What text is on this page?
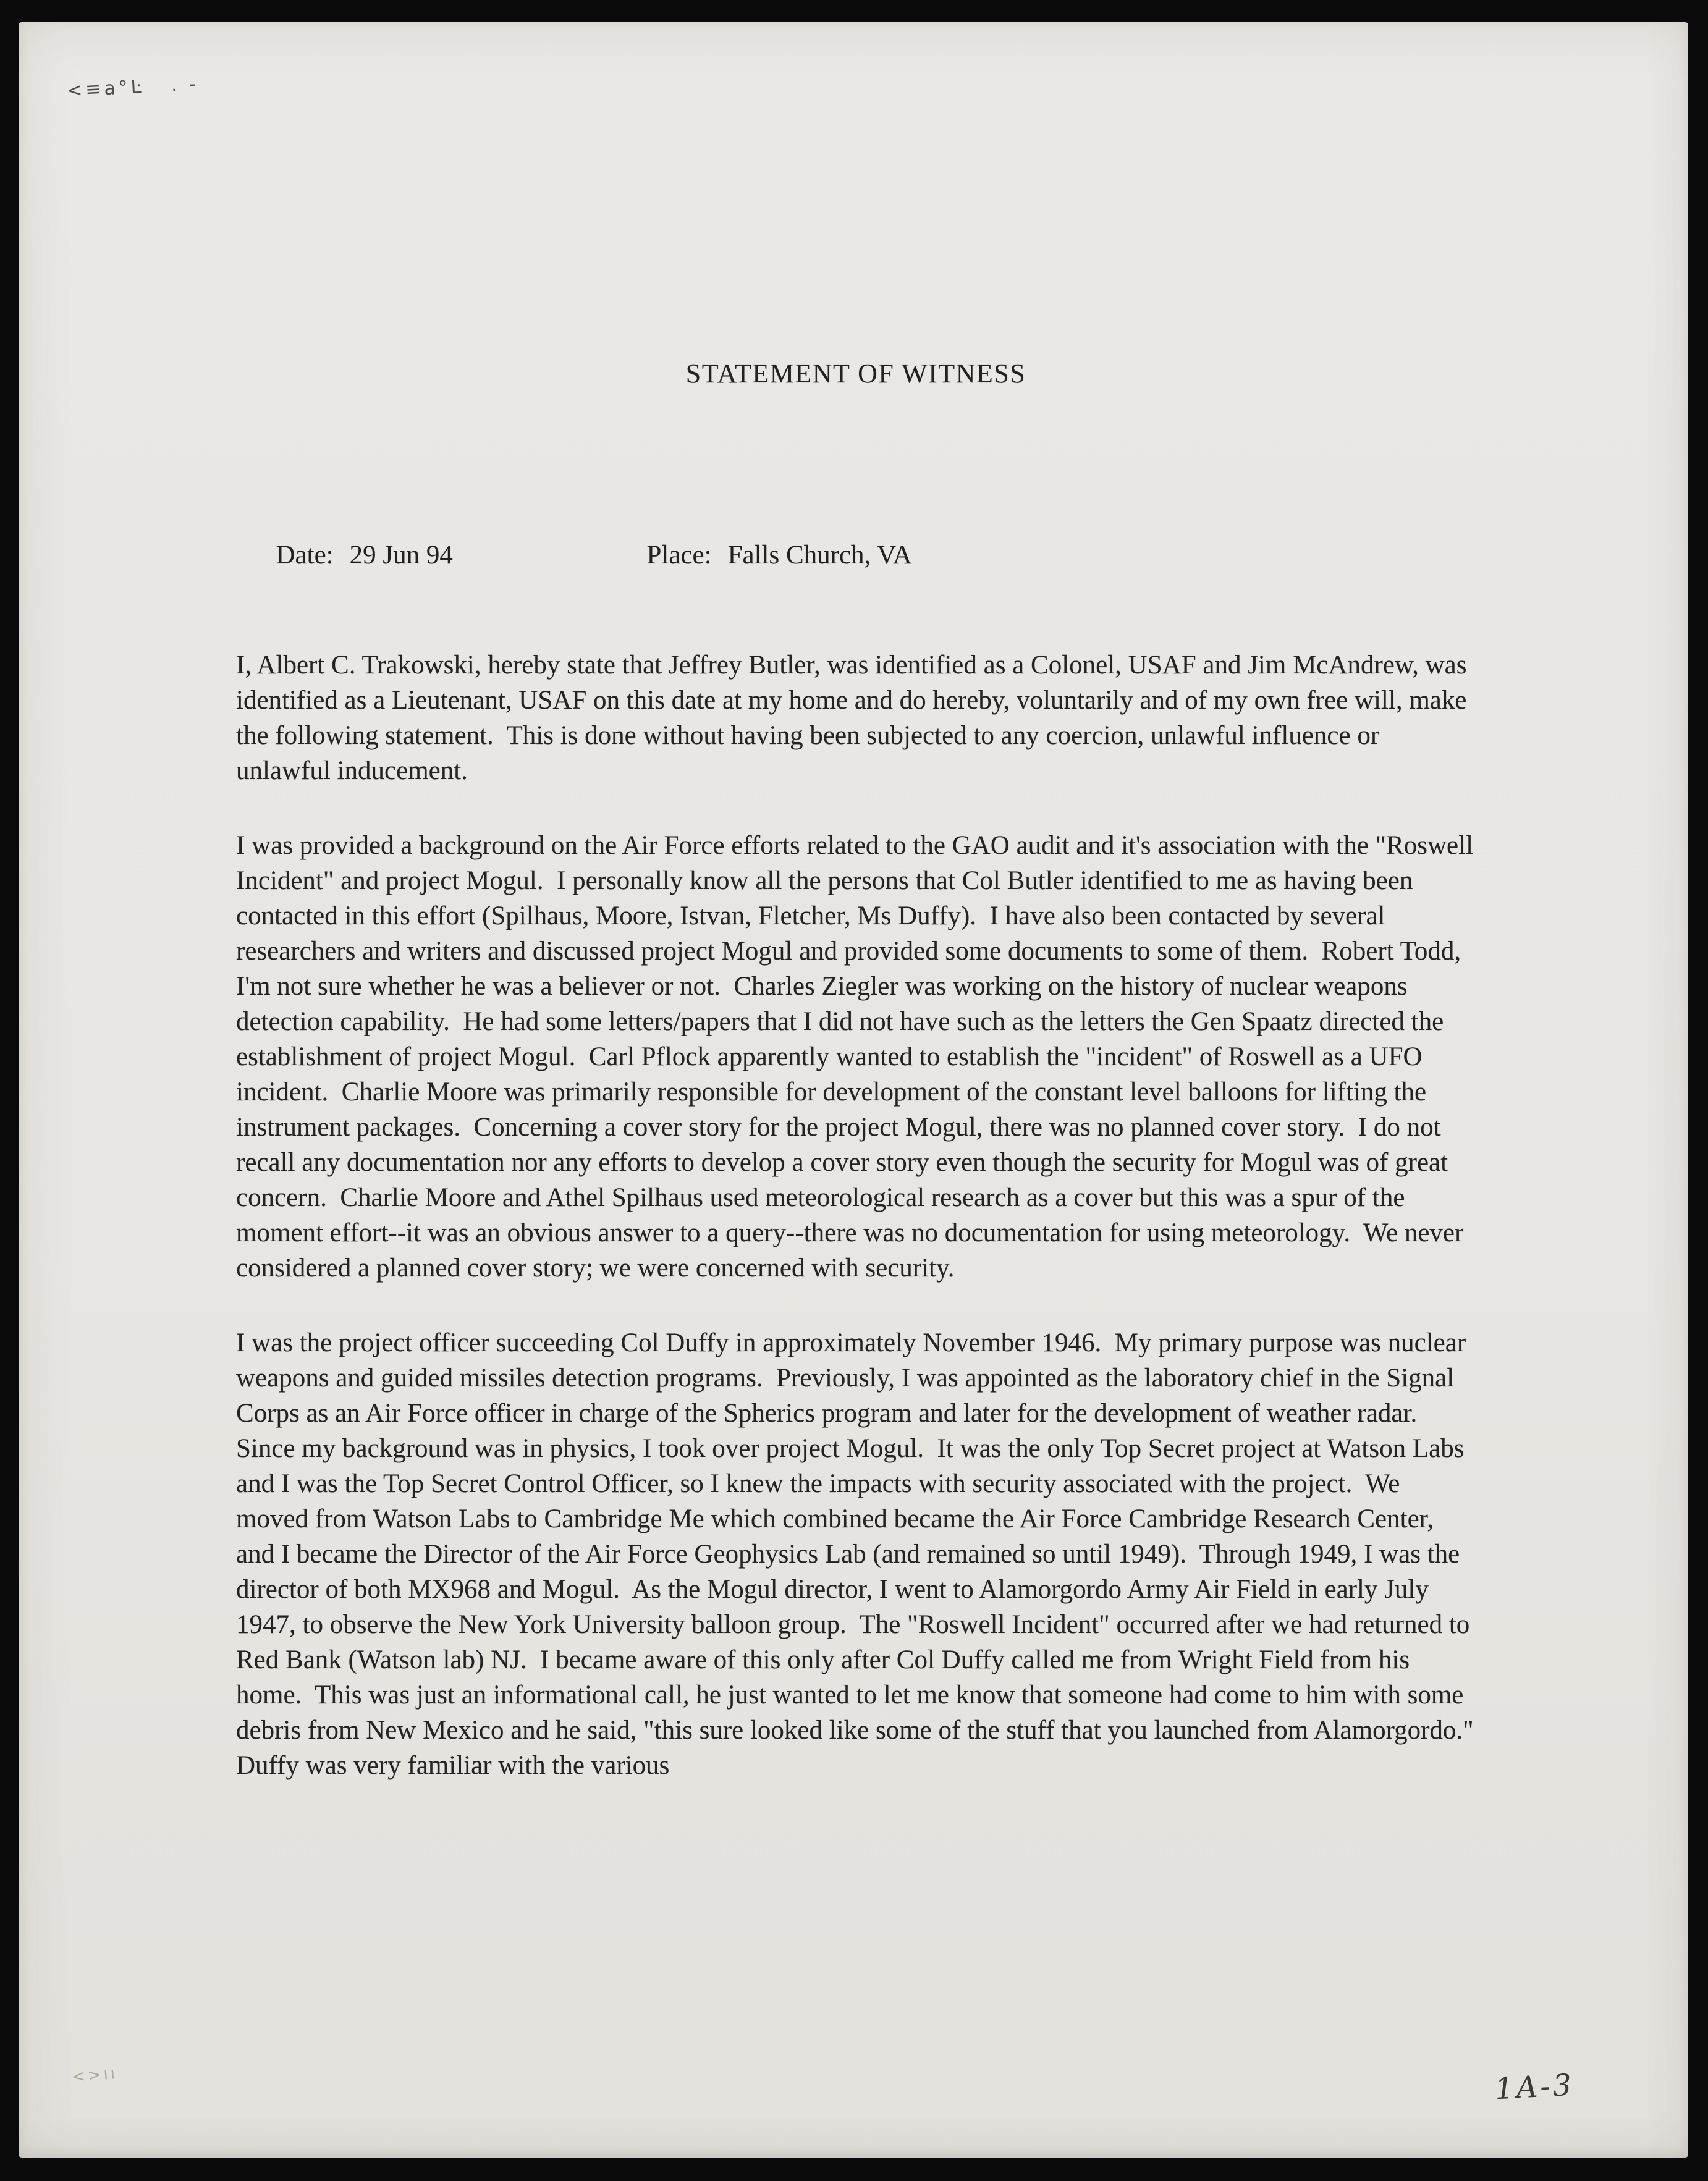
<≡a°Ŀ   . ‐
STATEMENT OF WITNESS

Date: 29 Jun 94	Place: Falls Church, VA

I, Albert C. Trakowski, hereby state that Jeffrey Butler, was identified as a Colonel, USAF and Jim McAndrew, was identified as a Lieutenant, USAF on this date at my home and do hereby, voluntarily and of my own free will, make the following statement.  This is done without having been subjected to any coercion, unlawful influence or unlawful inducement.

I was provided a background on the Air Force efforts related to the GAO audit and it's association with the "Roswell Incident" and project Mogul.  I personally know all the persons that Col Butler identified to me as having been contacted in this effort (Spilhaus, Moore, Istvan, Fletcher, Ms Duffy).  I have also been contacted by several researchers and writers and discussed project Mogul and provided some documents to some of them.  Robert Todd, I'm not sure whether he was a believer or not.  Charles Ziegler was working on the history of nuclear weapons detection capability.  He had some letters/papers that I did not have such as the letters the Gen Spaatz directed the establishment of project Mogul.  Carl Pflock apparently wanted to establish the "incident" of Roswell as a UFO incident.  Charlie Moore was primarily responsible for development of the constant level balloons for lifting the instrument packages.  Concerning a cover story for the project Mogul, there was no planned cover story.  I do not recall any documentation nor any efforts to develop a cover story even though the security for Mogul was of great concern.  Charlie Moore and Athel Spilhaus used meteorological research as a cover but this was a spur of the moment effort--it was an obvious answer to a query--there was no documentation for using meteorology.  We never considered a planned cover story; we were concerned with security.

I was the project officer succeeding Col Duffy in approximately November 1946.  My primary purpose was nuclear weapons and guided missiles detection programs.  Previously, I was appointed as the laboratory chief in the Signal Corps as an Air Force officer in charge of the Spherics program and later for the development of weather radar.  Since my background was in physics, I took over project Mogul.  It was the only Top Secret project at Watson Labs and I was the Top Secret Control Officer, so I knew the impacts with security associated with the project.  We moved from Watson Labs to Cambridge Me which combined became the Air Force Cambridge Research Center, and I became the Director of the Air Force Geophysics Lab (and remained so until 1949).  Through 1949, I was the director of both MX968 and Mogul.  As the Mogul director, I went to Alamorgordo Army Air Field in early July 1947, to observe the New York University balloon group.  The "Roswell Incident" occurred after we had returned to Red Bank (Watson lab) NJ.  I became aware of this only after Col Duffy called me from Wright Field from his home.  This was just an informational call, he just wanted to let me know that someone had come to him with some debris from New Mexico and he said, "this sure looked like some of the stuff that you launched from Alamorgordo."  Duffy was very familiar with the various

<>ıı	1A-3
